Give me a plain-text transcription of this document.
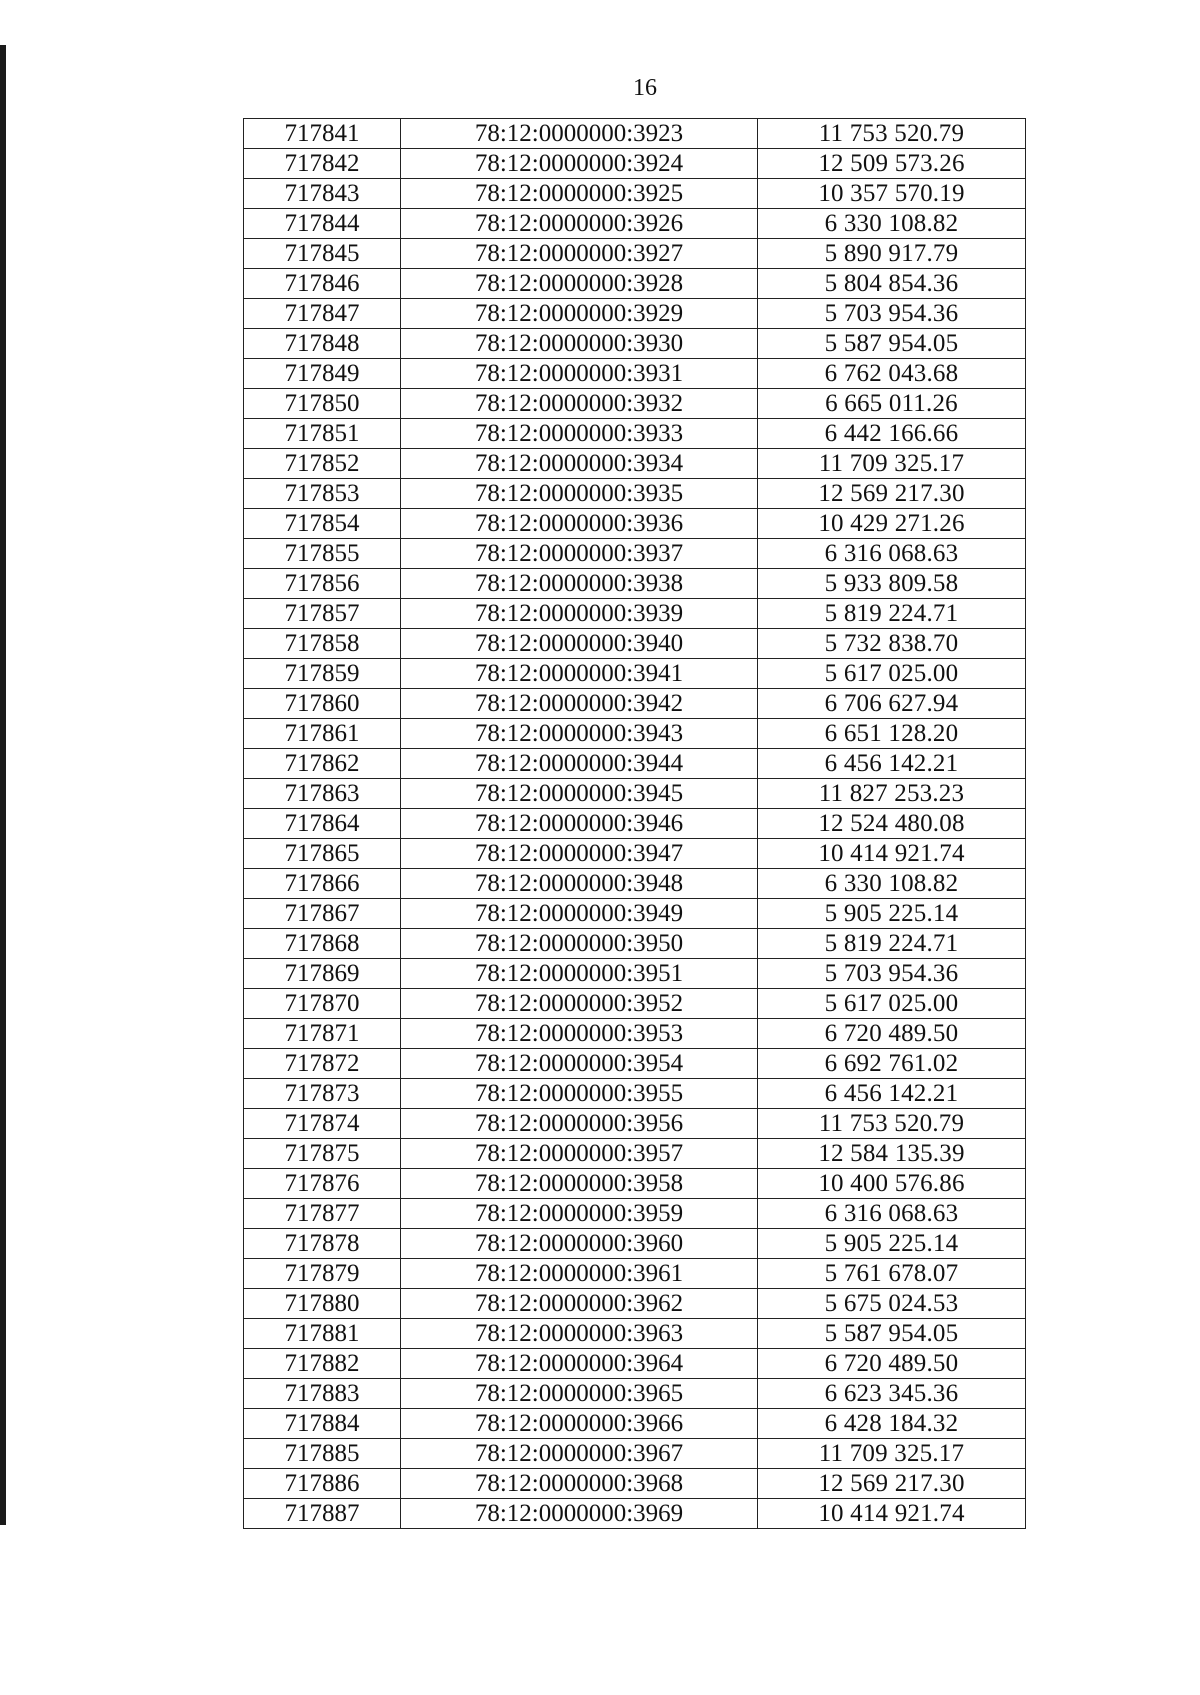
16
717841	78:12:0000000:3923	11 753 520.79
717842	78:12:0000000:3924	12 509 573.26
717843	78:12:0000000:3925	10 357 570.19
717844	78:12:0000000:3926	6 330 108.82
717845	78:12:0000000:3927	5 890 917.79
717846	78:12:0000000:3928	5 804 854.36
717847	78:12:0000000:3929	5 703 954.36
717848	78:12:0000000:3930	5 587 954.05
717849	78:12:0000000:3931	6 762 043.68
717850	78:12:0000000:3932	6 665 011.26
717851	78:12:0000000:3933	6 442 166.66
717852	78:12:0000000:3934	11 709 325.17
717853	78:12:0000000:3935	12 569 217.30
717854	78:12:0000000:3936	10 429 271.26
717855	78:12:0000000:3937	6 316 068.63
717856	78:12:0000000:3938	5 933 809.58
717857	78:12:0000000:3939	5 819 224.71
717858	78:12:0000000:3940	5 732 838.70
717859	78:12:0000000:3941	5 617 025.00
717860	78:12:0000000:3942	6 706 627.94
717861	78:12:0000000:3943	6 651 128.20
717862	78:12:0000000:3944	6 456 142.21
717863	78:12:0000000:3945	11 827 253.23
717864	78:12:0000000:3946	12 524 480.08
717865	78:12:0000000:3947	10 414 921.74
717866	78:12:0000000:3948	6 330 108.82
717867	78:12:0000000:3949	5 905 225.14
717868	78:12:0000000:3950	5 819 224.71
717869	78:12:0000000:3951	5 703 954.36
717870	78:12:0000000:3952	5 617 025.00
717871	78:12:0000000:3953	6 720 489.50
717872	78:12:0000000:3954	6 692 761.02
717873	78:12:0000000:3955	6 456 142.21
717874	78:12:0000000:3956	11 753 520.79
717875	78:12:0000000:3957	12 584 135.39
717876	78:12:0000000:3958	10 400 576.86
717877	78:12:0000000:3959	6 316 068.63
717878	78:12:0000000:3960	5 905 225.14
717879	78:12:0000000:3961	5 761 678.07
717880	78:12:0000000:3962	5 675 024.53
717881	78:12:0000000:3963	5 587 954.05
717882	78:12:0000000:3964	6 720 489.50
717883	78:12:0000000:3965	6 623 345.36
717884	78:12:0000000:3966	6 428 184.32
717885	78:12:0000000:3967	11 709 325.17
717886	78:12:0000000:3968	12 569 217.30
717887	78:12:0000000:3969	10 414 921.74
